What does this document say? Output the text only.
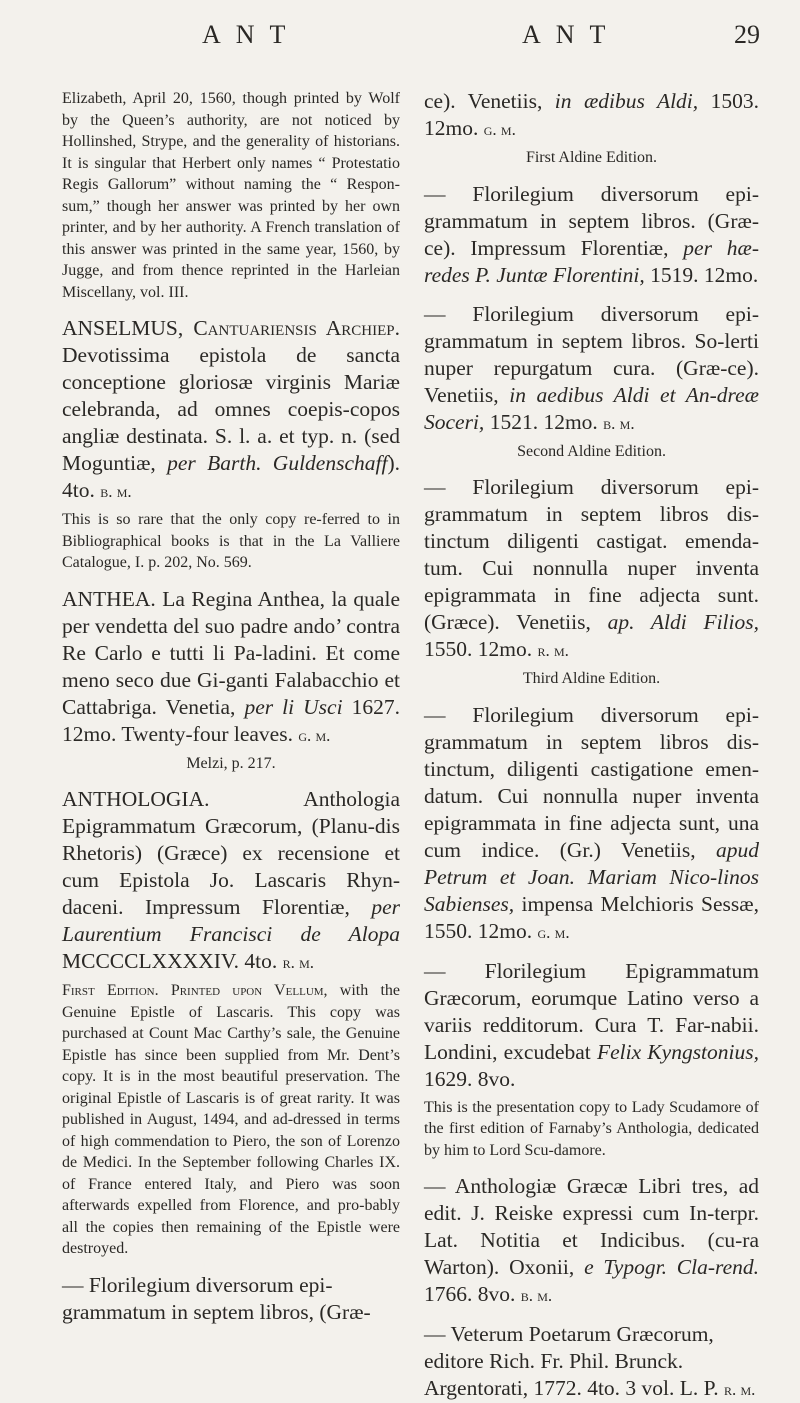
ANT	ANT	29

Elizabeth, April 20, 1560, though printed by Wolf by the Queen’s authority, are not noticed by Hollinshed, Strype, and the generality of historians. It is singular that Herbert only names “ Protestatio Regis Gallorum” without naming the “ Respon-sum,” though her answer was printed by her own printer, and by her authority. A French translation of this answer was printed in the same year, 1560, by Jugge, and from thence reprinted in the Harleian Miscellany, vol. III.

ANSELMUS, Cantuariensis Archiep. Devotissima epistola de sancta conceptione gloriosæ virginis Mariæ celebranda, ad omnes coepis-copos angliæ destinata. S. l. a. et typ. n. (sed Moguntiæ, per Barth. Guldenschaff). 4to. b. m.

This is so rare that the only copy re-ferred to in Bibliographical books is that in the La Valliere Catalogue, I. p. 202, No. 569.

ANTHEA. La Regina Anthea, la quale per vendetta del suo padre ando’ contra Re Carlo e tutti li Pa-ladini. Et come meno seco due Gi-ganti Falabacchio et Cattabriga. Venetia, per li Usci 1627. 12mo. Twenty-four leaves. g. m.

Melzi, p. 217.

ANTHOLOGIA.	Anthologia Epigrammatum Græcorum, (Planu-dis Rhetoris) (Græce) ex recensione et cum Epistola Jo. Lascaris Rhyn-daceni. Impressum Florentiæ, per Laurentium Francisci de Alopa MCCCCLXXXXIV. 4to. r. m.

First Edition. Printed upon Vellum, with the Genuine Epistle of Lascaris. This copy was purchased at Count Mac Carthy’s sale, the Genuine Epistle has since been supplied from Mr. Dent’s copy. It is in the most beautiful preservation. The original Epistle of Lascaris is of great rarity. It was published in August, 1494, and ad-dressed in terms of high commendation to Piero, the son of Lorenzo de Medici. In the September following Charles IX. of France entered Italy, and Piero was soon afterwards expelled from Florence, and pro-bably all the copies then remaining of the Epistle were destroyed.

— Florilegium diversorum epi-grammatum in septem libros, (Græ-

ce). Venetiis, in ædibus Aldi, 1503. 12mo. g. m.

First Aldine Edition.

— Florilegium diversorum epi-grammatum in septem libros. (Græ-ce). Impressum Florentiæ, per hæ-redes P. Juntæ Florentini, 1519. 12mo.

— Florilegium diversorum epi-grammatum in septem libros. So-lerti nuper repurgatum cura. (Græ-ce). Venetiis, in aedibus Aldi et An-dreæ Soceri, 1521. 12mo. b. m.

Second Aldine Edition.

— Florilegium diversorum epi-grammatum in septem libros dis-tinctum diligenti castigat. emenda-tum. Cui nonnulla nuper inventa epigrammata in fine adjecta sunt. (Græce). Venetiis, ap. Aldi Filios, 1550. 12mo. r. m.

Third Aldine Edition.

— Florilegium diversorum epi-grammatum in septem libros dis-tinctum, diligenti castigatione emen-datum. Cui nonnulla nuper inventa epigrammata in fine adjecta sunt, una cum indice. (Gr.) Venetiis, apud Petrum et Joan. Mariam Nico-linos Sabienses, impensa Melchioris Sessæ, 1550. 12mo. g. m.

— Florilegium Epigrammatum Græcorum, eorumque Latino verso a variis redditorum. Cura T. Far-nabii. Londini, excudebat Felix Kyngstonius, 1629. 8vo.

This is the presentation copy to Lady Scudamore of the first edition of Farnaby’s Anthologia, dedicated by him to Lord Scu-damore.

— Anthologiæ Græcæ Libri tres, ad edit. J. Reiske expressi cum In-terpr. Lat. Notitia et Indicibus. (cu-ra Warton). Oxonii, e Typogr. Cla-rend. 1766. 8vo. b. m.

— Veterum Poetarum Græcorum, editore Rich. Fr. Phil. Brunck. Argentorati, 1772. 4to. 3 vol. L. P. r. m.
